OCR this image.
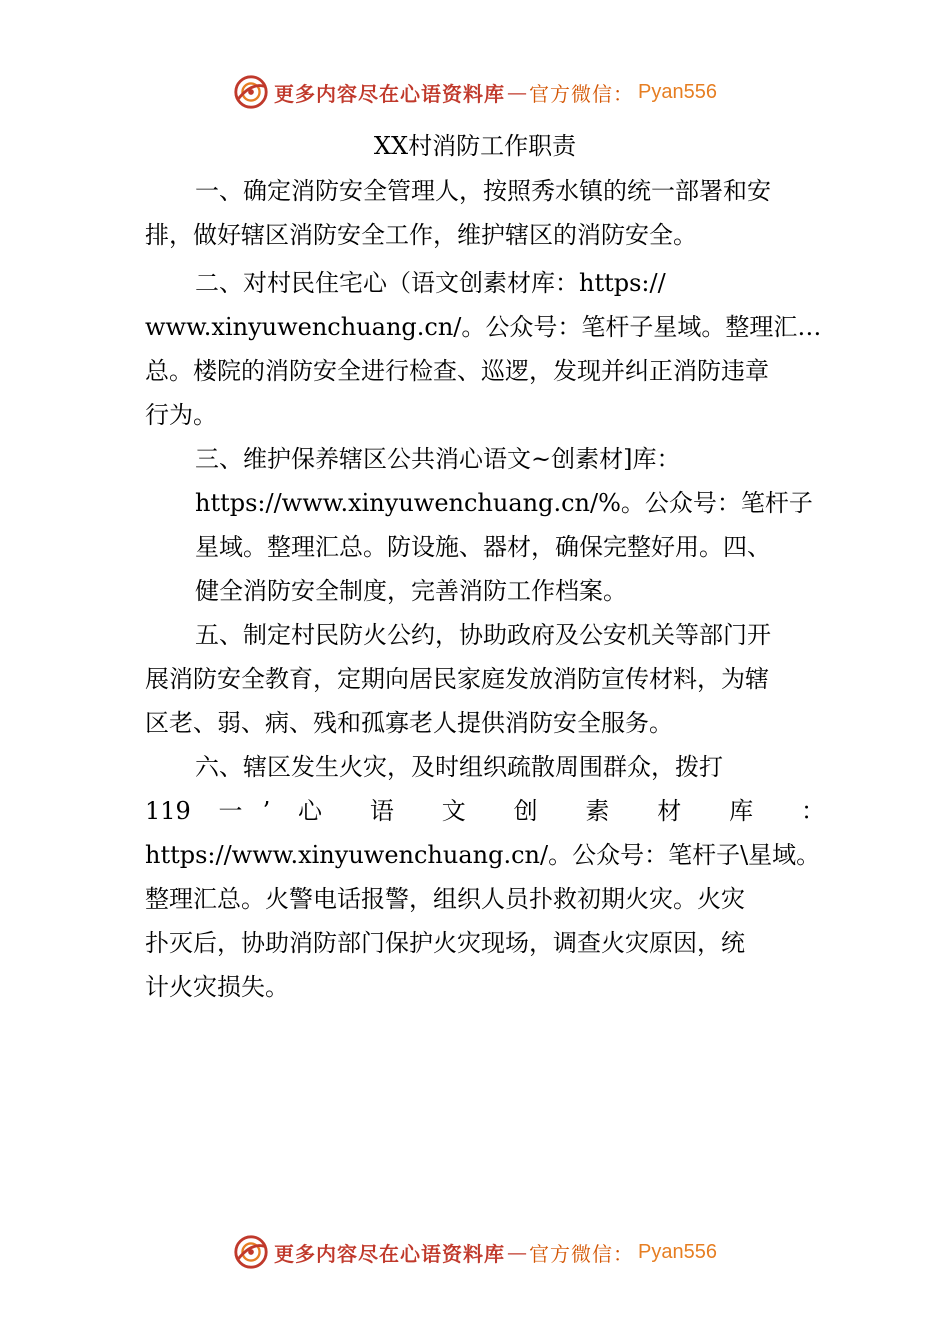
更多内容尽在心语资料库 — 官方微信： Pyan556
XX村消防工作职责
一、确定消防安全管理人，按照秀水镇的统一部署和安
排，做好辖区消防安全工作，维护辖区的消防安全。
二、对村民住宅心（语文创素材库：https://
www.xinyuwenchuang.cn/。公众号：笔杆子星域。整理汇…
总。楼院的消防安全进行检查、巡逻，发现并纠正消防违章
行为。
三、维护保养辖区公共消心语文~创素材]库：
https://www.xinyuwenchuang.cn/%。公众号：笔杆子
星域。整理汇总。防设施、器材，确保完整好用。四、
健全消防安全制度，完善消防工作档案。
五、制定村民防火公约，协助政府及公安机关等部门开
展消防安全教育，定期向居民家庭发放消防宣传材料，为辖
区老、弱、病、残和孤寡老人提供消防安全服务。
六、辖区发生火灾，及时组织疏散周围群众，拨打
119 一’ 心 语 文 创 素 材 库 ：
https://www.xinyuwenchuang.cn/。公众号：笔杆子\星域。
整理汇总。火警电话报警，组织人员扑救初期火灾。火灾
扑灭后，协助消防部门保护火灾现场，调查火灾原因，统
计火灾损失。
更多内容尽在心语资料库 — 官方微信： Pyan556
